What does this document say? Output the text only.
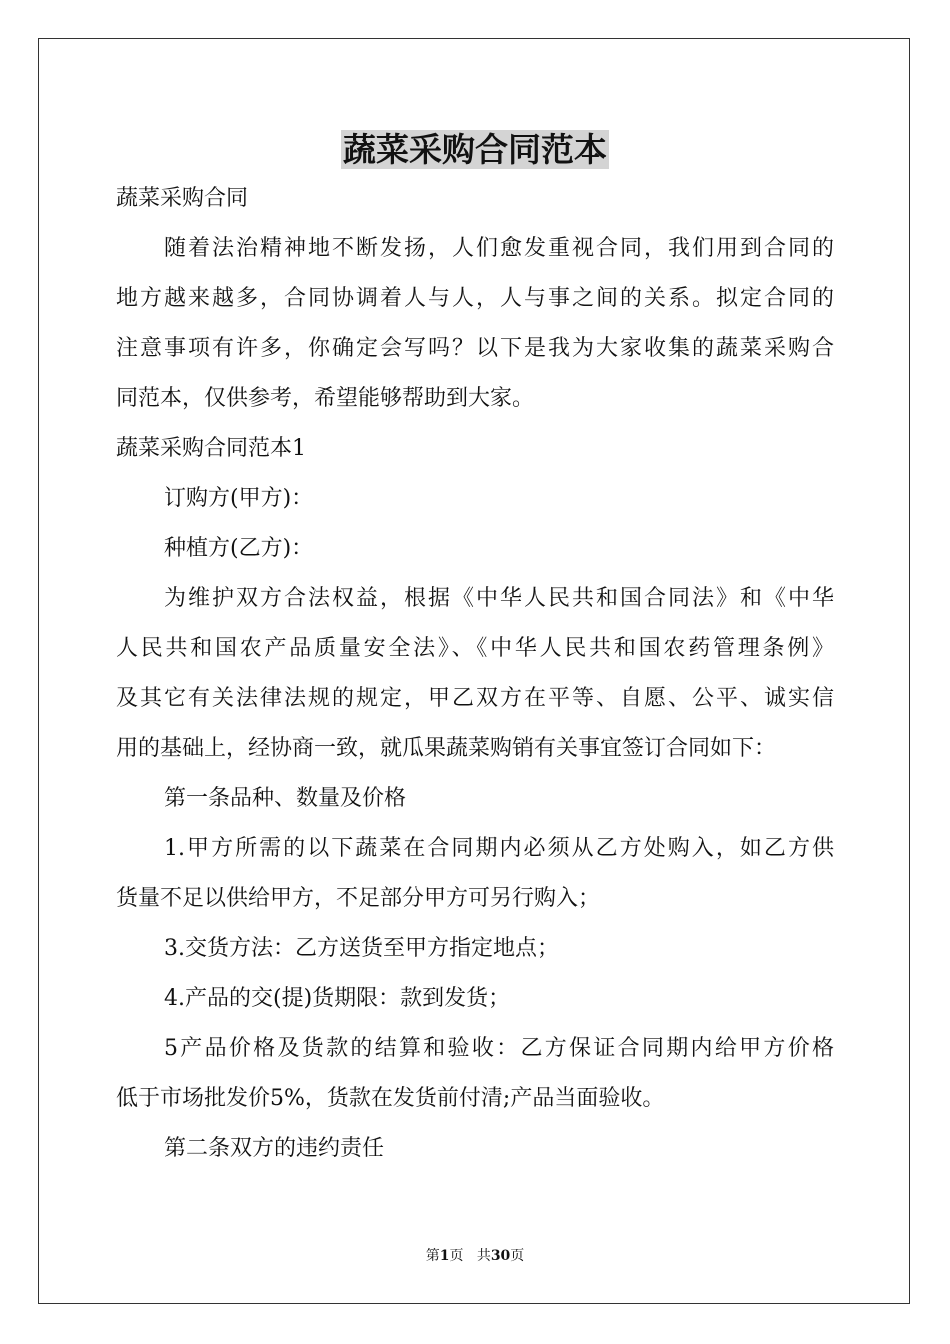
蔬菜采购合同范本
蔬菜采购合同
随着法治精神地不断发扬，人们愈发重视合同，我们用到合同的
地方越来越多，合同协调着人与人，人与事之间的关系。拟定合同的
注意事项有许多，你确定会写吗？以下是我为大家收集的蔬菜采购合
同范本，仅供参考，希望能够帮助到大家。
蔬菜采购合同范本1
订购方(甲方)：
种植方(乙方)：
为维护双方合法权益，根据《中华人民共和国合同法》和《中华
人民共和国农产品质量安全法》、《中华人民共和国农药管理条例》
及其它有关法律法规的规定，甲乙双方在平等、自愿、公平、诚实信
用的基础上，经协商一致，就瓜果蔬菜购销有关事宜签订合同如下：
第一条品种、数量及价格
1.甲方所需的以下蔬菜在合同期内必须从乙方处购入，如乙方供
货量不足以供给甲方，不足部分甲方可另行购入；
3.交货方法：乙方送货至甲方指定地点；
4.产品的交(提)货期限：款到发货；
5产品价格及货款的结算和验收：乙方保证合同期内给甲方价格
低于市场批发价5%，货款在发货前付清;产品当面验收。
第二条双方的违约责任
第1页 共30页
